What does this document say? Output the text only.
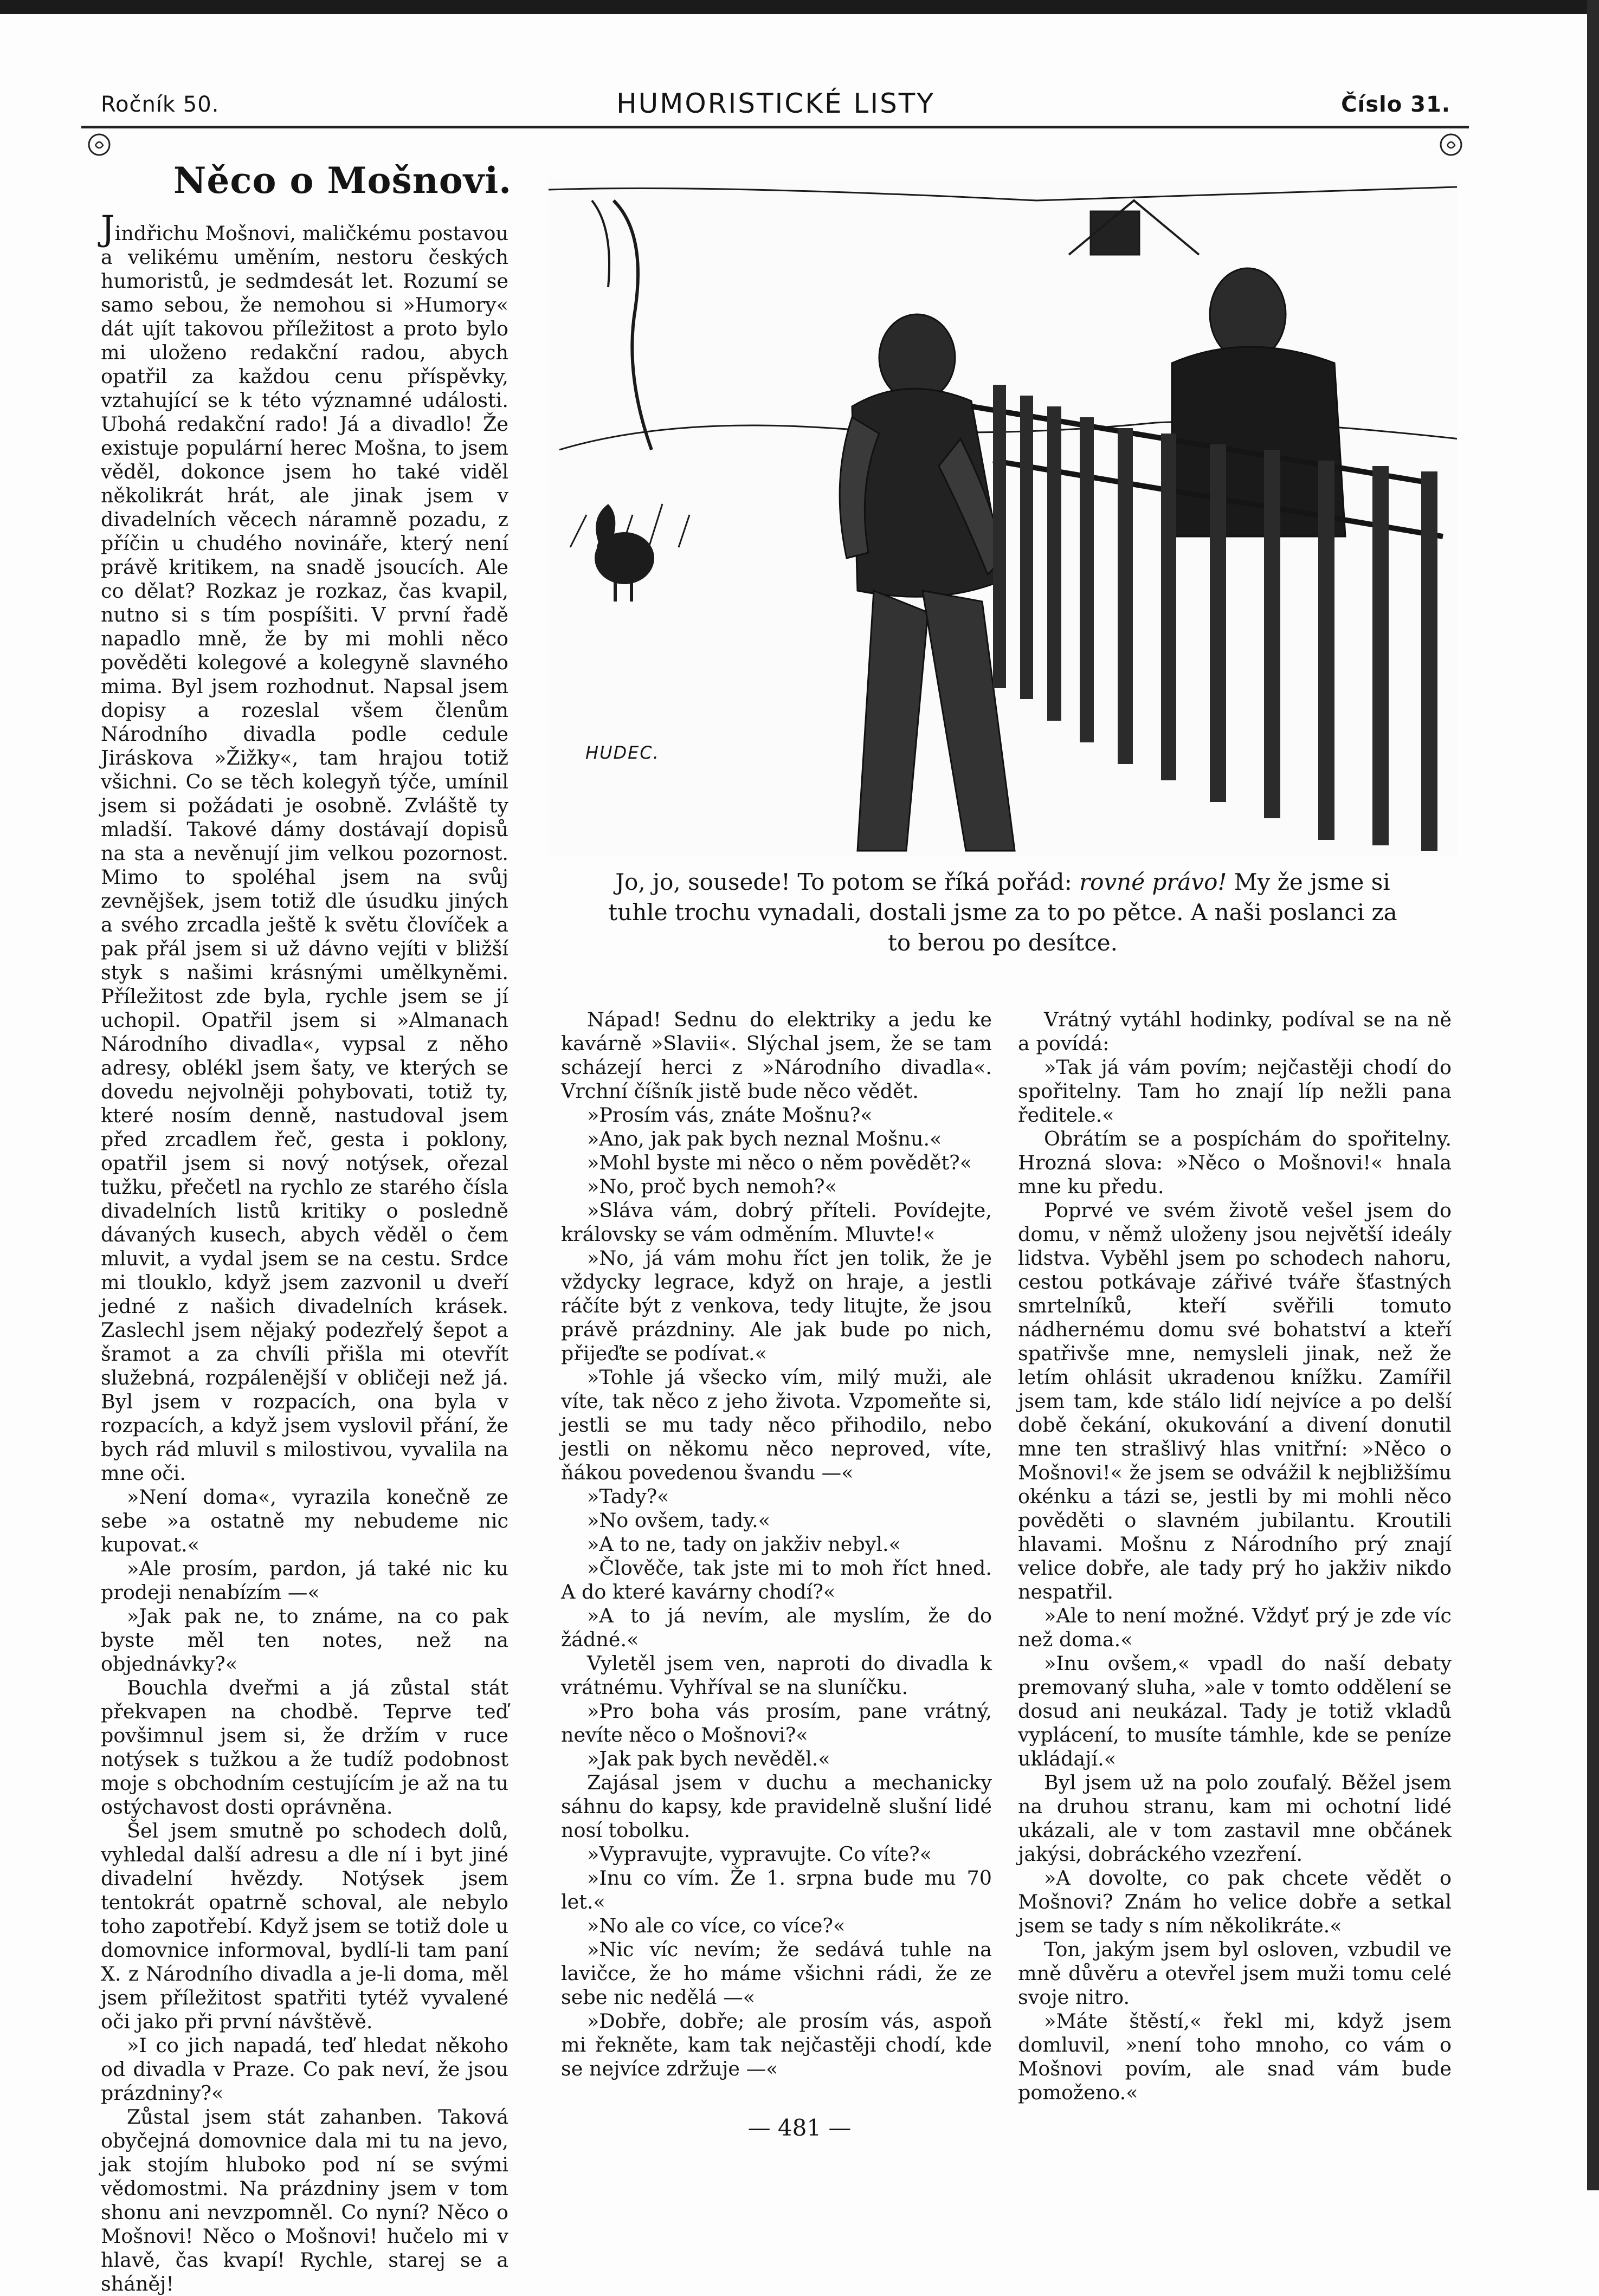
Ročník 50.	HUMORISTICKÉ LISTY	Číslo 31.
Něco o Mošnovi.

Jindřichu Mošnovi, maličkému postavou a velikému uměním, nestoru českých humoristů, je sedmdesát let. Rozumí se samo sebou, že nemohou si »Humory« dát ujít takovou příležitost a proto bylo mi uloženo redakční radou, abych opatřil za každou cenu příspěvky, vztahující se k této významné události. Ubohá redakční rado! Já a divadlo! Že existuje populární herec Mošna, to jsem věděl, dokonce jsem ho také viděl několikrát hrát, ale jinak jsem v divadelních věcech náramně pozadu, z příčin u chudého novináře, který není právě kritikem, na snadě jsoucích. Ale co dělat? Rozkaz je rozkaz, čas kvapil, nutno si s tím pospíšiti. V první řadě napadlo mně, že by mi mohli něco pověděti kolegové a kolegyně slavného mima. Byl jsem rozhodnut. Napsal jsem dopisy a rozeslal všem členům Národního divadla podle cedule Jiráskova »Žižky«, tam hrajou totiž všichni. Co se těch kolegyň týče, umínil jsem si požádati je osobně. Zvláště ty mladší. Takové dámy dostávají dopisů na sta a nevěnují jim velkou pozornost. Mimo to spoléhal jsem na svůj zevnějšek, jsem totiž dle úsudku jiných a svého zrcadla ještě k světu človíček a pak přál jsem si už dávno vejíti v bližší styk s našimi krásnými umělkyněmi. Příležitost zde byla, rychle jsem se jí uchopil. Opatřil jsem si »Almanach Národního divadla«, vypsal z něho adresy, oblékl jsem šaty, ve kterých se dovedu nejvolněji pohybovati, totiž ty, které nosím denně, nastudoval jsem před zrcadlem řeč, gesta i poklony, opatřil jsem si nový notýsek, ořezal tužku, přečetl na rychlo ze starého čísla divadelních listů kritiky o posledně dávaných kusech, abych věděl o čem mluvit, a vydal jsem se na cestu. Srdce mi tlouklo, když jsem zazvonil u dveří jedné z našich divadelních krásek. Zaslechl jsem nějaký podezřelý šepot a šramot a za chvíli přišla mi otevřít služebná, rozpálenější v obličeji než já. Byl jsem v rozpacích, ona byla v rozpacích, a když jsem vyslovil přání, že bych rád mluvil s milostivou, vyvalila na mne oči.

»Není doma«, vyrazila konečně ze sebe »a ostatně my nebudeme nic kupovat.«

»Ale prosím, pardon, já také nic ku prodeji nenabízím —«

»Jak pak ne, to známe, na co pak byste měl ten notes, než na objednávky?«

Bouchla dveřmi a já zůstal stát překvapen na chodbě. Teprve teď povšimnul jsem si, že držím v ruce notýsek s tužkou a že tudíž podobnost moje s obchodním cestujícím je až na tu ostýchavost dosti oprávněna.

Šel jsem smutně po schodech dolů, vyhledal další adresu a dle ní i byt jiné divadelní hvězdy. Notýsek jsem tentokrát opatrně schoval, ale nebylo toho zapotřebí. Když jsem se totiž dole u domovnice informoval, bydlí-li tam paní X. z Národního divadla a je-li doma, měl jsem příležitost spatřiti tytéž vyvalené oči jako při první návštěvě.

»I co jich napadá, teď hledat někoho od divadla v Praze. Co pak neví, že jsou prázdniny?«

Zůstal jsem stát zahanben. Taková obyčejná domovnice dala mi tu na jevo, jak stojím hluboko pod ní se svými vědomostmi. Na prázdniny jsem v tom shonu ani nevzpomněl. Co nyní? Něco o Mošnovi! Něco o Mošnovi! hučelo mi v hlavě, čas kvapí! Rychle, starej se a sháněj!

HUDEC.
Jo, jo, sousede! To potom se říká pořád: rovné právo! My že jsme si tuhle trochu vynadali, dostali jsme za to po pětce. A naši poslanci za to berou po desítce.

Nápad! Sednu do elektriky a jedu ke kavárně »Slavii«. Slýchal jsem, že se tam scházejí herci z »Národního divadla«. Vrchní číšník jistě bude něco vědět.

»Prosím vás, znáte Mošnu?«

»Ano, jak pak bych neznal Mošnu.«

»Mohl byste mi něco o něm povědět?«

»No, proč bych nemoh?«

»Sláva vám, dobrý příteli. Povídejte, královsky se vám odměním. Mluvte!«

»No, já vám mohu říct jen tolik, že je vždycky legrace, když on hraje, a jestli ráčíte být z venkova, tedy litujte, že jsou právě prázdniny. Ale jak bude po nich, přijeďte se podívat.«

»Tohle já všecko vím, milý muži, ale víte, tak něco z jeho života. Vzpomeňte si, jestli se mu tady něco přihodilo, nebo jestli on někomu něco neproved, víte, ňákou povedenou švandu —«

»Tady?«

»No ovšem, tady.«

»A to ne, tady on jakživ nebyl.«

»Člověče, tak jste mi to moh říct hned. A do které kavárny chodí?«

»A to já nevím, ale myslím, že do žádné.«

Vyletěl jsem ven, naproti do divadla k vrátnému. Vyhříval se na sluníčku.

»Pro boha vás prosím, pane vrátný, nevíte něco o Mošnovi?«

»Jak pak bych nevěděl.«

Zajásal jsem v duchu a mechanicky sáhnu do kapsy, kde pravidelně slušní lidé nosí tobolku.

»Vypravujte, vypravujte. Co víte?«

»Inu co vím. Že 1. srpna bude mu 70 let.«

»No ale co více, co více?«

»Nic víc nevím; že sedává tuhle na lavičce, že ho máme všichni rádi, že ze sebe nic nedělá —«

»Dobře, dobře; ale prosím vás, aspoň mi řekněte, kam tak nejčastěji chodí, kde se nejvíce zdržuje —«

Vrátný vytáhl hodinky, podíval se na ně a povídá:

»Tak já vám povím; nejčastěji chodí do spořitelny. Tam ho znají líp nežli pana ředitele.«

Obrátím se a pospíchám do spořitelny. Hrozná slova: »Něco o Mošnovi!« hnala mne ku předu.

Poprvé ve svém životě vešel jsem do domu, v němž uloženy jsou největší ideály lidstva. Vyběhl jsem po schodech nahoru, cestou potkávaje zářivé tváře šťastných smrtelníků, kteří svěřili tomuto nádhernému domu své bohatství a kteří spatřivše mne, nemysleli jinak, než že letím ohlásit ukradenou knížku. Zamířil jsem tam, kde stálo lidí nejvíce a po delší době čekání, okukování a divení donutil mne ten strašlivý hlas vnitřní: »Něco o Mošnovi!« že jsem se odvážil k nejbližšímu okénku a tázi se, jestli by mi mohli něco pověděti o slavném jubilantu. Kroutili hlavami. Mošnu z Národního prý znají velice dobře, ale tady prý ho jakživ nikdo nespatřil.

»Ale to není možné. Vždyť prý je zde víc než doma.«

»Inu ovšem,« vpadl do naší debaty premovaný sluha, »ale v tomto oddělení se dosud ani neukázal. Tady je totiž vkladů vyplácení, to musíte támhle, kde se peníze ukládají.«

Byl jsem už na polo zoufalý. Běžel jsem na druhou stranu, kam mi ochotní lidé ukázali, ale v tom zastavil mne občánek jakýsi, dobráckého vzezření.

»A dovolte, co pak chcete vědět o Mošnovi? Znám ho velice dobře a setkal jsem se tady s ním několikráte.«

Ton, jakým jsem byl osloven, vzbudil ve mně důvěru a otevřel jsem muži tomu celé svoje nitro.

»Máte štěstí,« řekl mi, když jsem domluvil, »není toho mnoho, co vám o Mošnovi povím, ale snad vám bude pomoženo.«

— 481 —
